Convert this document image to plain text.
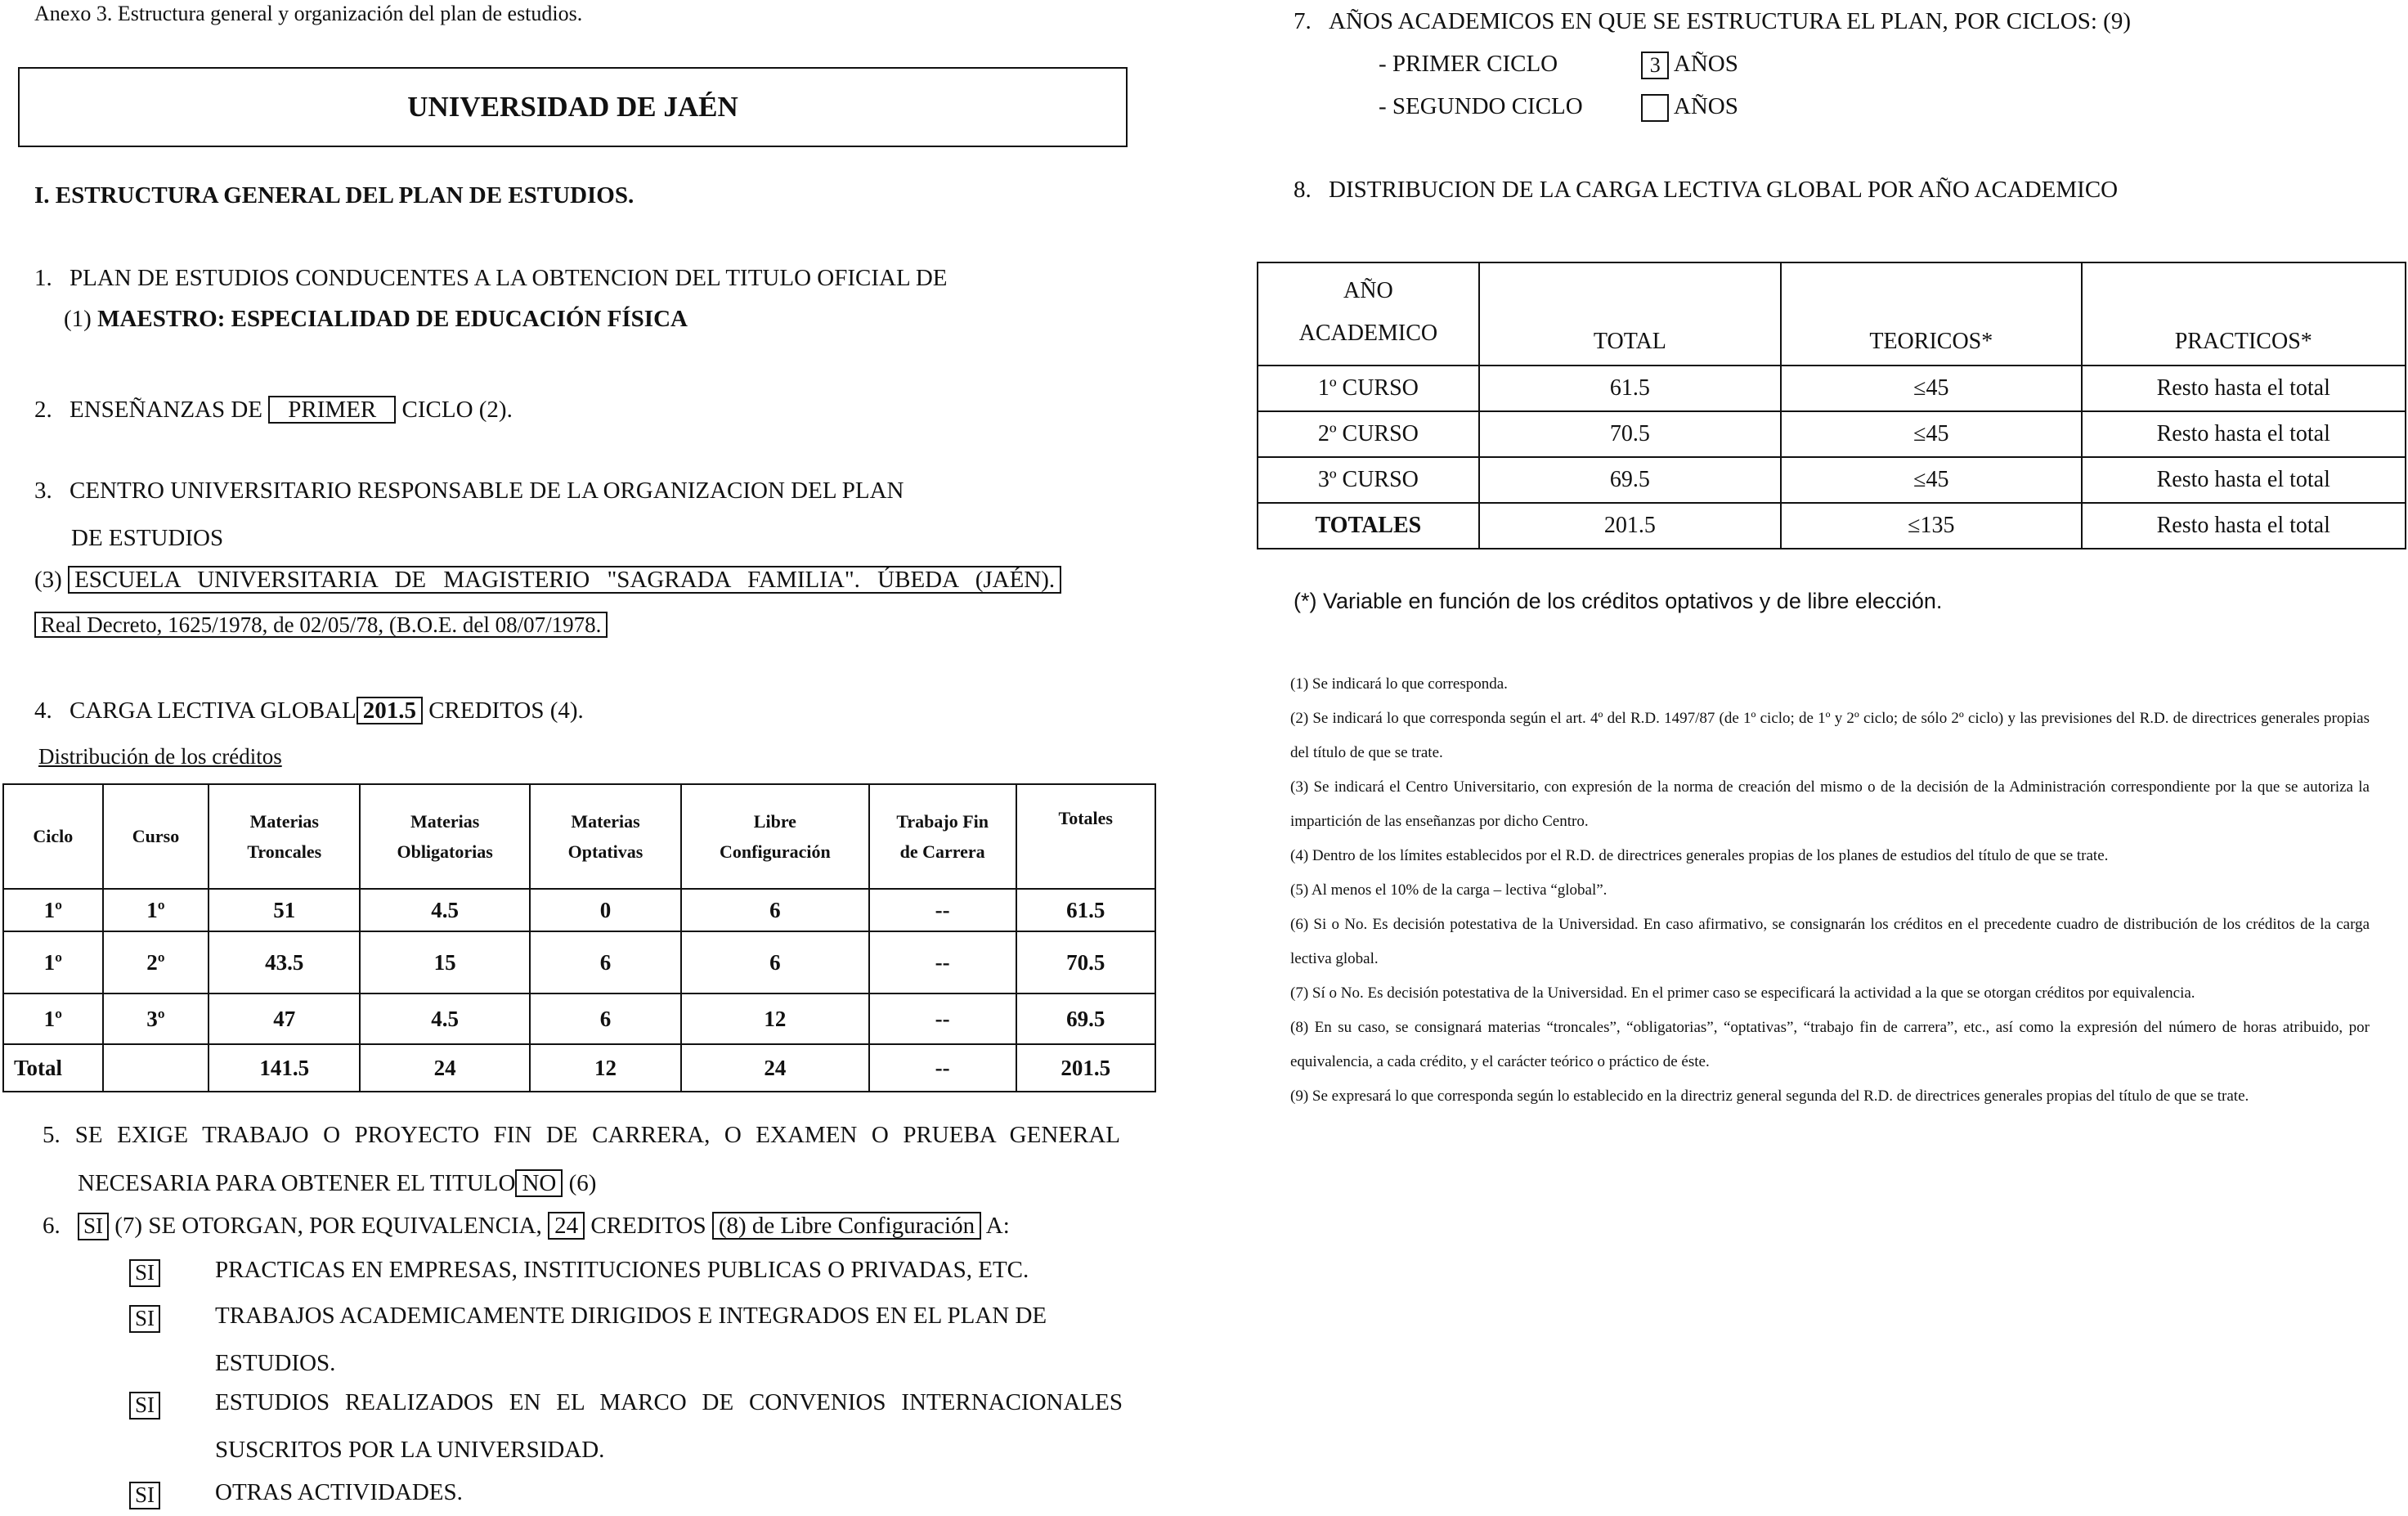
Anexo 3. Estructura general y organización del plan de estudios.
UNIVERSIDAD DE JAÉN
I. ESTRUCTURA GENERAL DEL PLAN DE ESTUDIOS.
1. PLAN DE ESTUDIOS CONDUCENTES A LA OBTENCION DEL TITULO OFICIAL DE
(1) MAESTRO: ESPECIALIDAD DE EDUCACIÓN FÍSICA
2. ENSEÑANZAS DE PRIMER CICLO (2).
3. CENTRO UNIVERSITARIO RESPONSABLE DE LA ORGANIZACION DEL PLAN
DE ESTUDIOS
(3) ESCUELA UNIVERSITARIA DE MAGISTERIO "SAGRADA FAMILIA". ÚBEDA (JAÉN).
Real Decreto, 1625/1978, de 02/05/78, (B.O.E. del 08/07/1978.
4. CARGA LECTIVA GLOBAL 201.5 CREDITOS (4).
Distribución de los créditos
Ciclo	Curso	Materias Troncales	Materias Obligatorias	Materias Optativas	Libre Configuración	Trabajo Fin de Carrera	Totales
1º	1º	51	4.5	0	6	--	61.5
1º	2º	43.5	15	6	6	--	70.5
1º	3º	47	4.5	6	12	--	69.5
Total		141.5	24	12	24	--	201.5
5. SE EXIGE TRABAJO O PROYECTO FIN DE CARRERA, O EXAMEN O PRUEBA GENERAL
NECESARIA PARA OBTENER EL TITULO NO (6)
6. SI (7) SE OTORGAN, POR EQUIVALENCIA, 24 CREDITOS (8) de Libre Configuración A:
SI	PRACTICAS EN EMPRESAS, INSTITUCIONES PUBLICAS O PRIVADAS, ETC.
SI	TRABAJOS ACADEMICAMENTE DIRIGIDOS E INTEGRADOS EN EL PLAN DE ESTUDIOS.
SI	ESTUDIOS REALIZADOS EN EL MARCO DE CONVENIOS INTERNACIONALES SUSCRITOS POR LA UNIVERSIDAD.
SI	OTRAS ACTIVIDADES.
7. AÑOS ACADEMICOS EN QUE SE ESTRUCTURA EL PLAN, POR CICLOS: (9)
- PRIMER CICLO	3 AÑOS
- SEGUNDO CICLO	AÑOS
8. DISTRIBUCION DE LA CARGA LECTIVA GLOBAL POR AÑO ACADEMICO
AÑO
ACADEMICO	TOTAL	TEORICOS*	PRACTICOS*
1º CURSO	61.5	≤45	Resto hasta el total
2º CURSO	70.5	≤45	Resto hasta el total
3º CURSO	69.5	≤45	Resto hasta el total
TOTALES	201.5	≤135	Resto hasta el total
(*) Variable en función de los créditos optativos y de libre elección.

(1) Se indicará lo que corresponda.

(2) Se indicará lo que corresponda según el art. 4º del R.D. 1497/87 (de 1º ciclo; de 1º y 2º ciclo; de sólo 2º ciclo) y las previsiones del R.D. de directrices generales propias del título de que se trate.

(3) Se indicará el Centro Universitario, con expresión de la norma de creación del mismo o de la decisión de la Administración correspondiente por la que se autoriza la impartición de las enseñanzas por dicho Centro.

(4) Dentro de los límites establecidos por el R.D. de directrices generales propias de los planes de estudios del título de que se trate.

(5) Al menos el 10% de la carga – lectiva “global”.

(6) Si o No. Es decisión potestativa de la Universidad. En caso afirmativo, se consignarán los créditos en el precedente cuadro de distribución de los créditos de la carga lectiva global.

(7) Sí o No. Es decisión potestativa de la Universidad. En el primer caso se especificará la actividad a la que se otorgan créditos por equivalencia.

(8) En su caso, se consignará materias “troncales”, “obligatorias”, “optativas”, “trabajo fin de carrera”, etc., así como la expresión del número de horas atribuido, por equivalencia, a cada crédito, y el carácter teórico o práctico de éste.

(9) Se expresará lo que corresponda según lo establecido en la directriz general segunda del R.D. de directrices generales propias del título de que se trate.
